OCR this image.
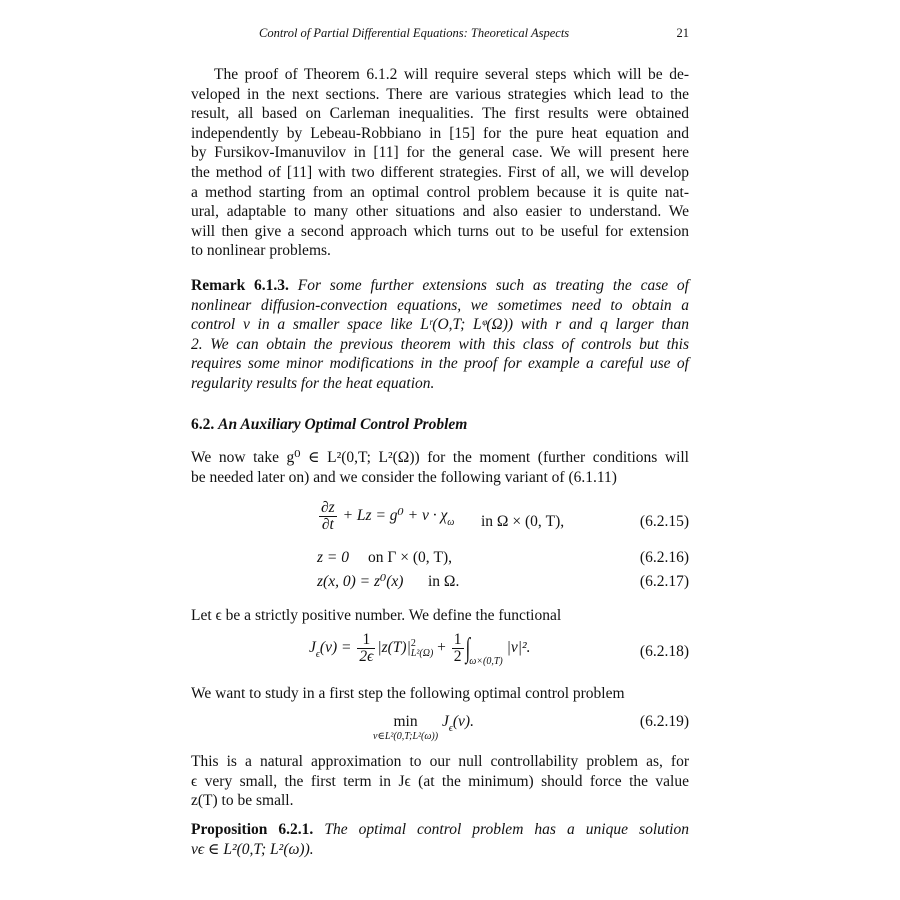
Control of Partial Differential Equations: Theoretical Aspects	21
The proof of Theorem 6.1.2 will require several steps which will be de-
veloped in the next sections. There are various strategies which lead to the
result, all based on Carleman inequalities. The first results were obtained
independently by Lebeau-Robbiano in [15] for the pure heat equation and
by Fursikov-Imanuvilov in [11] for the general case. We will present here
the method of [11] with two different strategies. First of all, we will develop
a method starting from an optimal control problem because it is quite nat-
ural, adaptable to many other situations and also easier to understand. We
will then give a second approach which turns out to be useful for extension
to nonlinear problems.
Remark 6.1.3. For some further extensions such as treating the case of
nonlinear diffusion-convection equations, we sometimes need to obtain a
control v in a smaller space like Lʳ(O,T; Lᵠ(Ω)) with r and q larger than
2. We can obtain the previous theorem with this class of controls but this
requires some minor modifications in the proof for example a careful use of
regularity results for the heat equation.
6.2. An Auxiliary Optimal Control Problem
We now take g⁰ ∈ L²(0,T; L²(Ω)) for the moment (further conditions will
be needed later on) and we consider the following variant of (6.1.11)
$\frac{\partial z}{\partial t} + Lz = g^0 + v \cdot \chi_\omega$ in Ω × (0, T),	(6.2.15)
z = 0 on Γ × (0, T),	(6.2.16)
z(x, 0) = z⁰(x) in Ω.	(6.2.17)
Let ϵ be a strictly positive number. We define the functional
$J_\epsilon(v) = \frac{1}{2\epsilon} |z(T)|$ 2
$L^2(\Omega) + \frac{1}{2} \int_{\omega\times(0,T)}$ |v|².	(6.2.18)
We want to study in a first step the following optimal control problem
min
v∈L²(0,T;L²(ω))
$J_\epsilon(v)$.	(6.2.19)
This is a natural approximation to our null controllability problem as, for
ϵ very small, the first term in Jϵ (at the minimum) should force the value
z(T) to be small.
Proposition 6.2.1. The optimal control problem has a unique solution
vϵ ∈ L²(0,T; L²(ω)).
